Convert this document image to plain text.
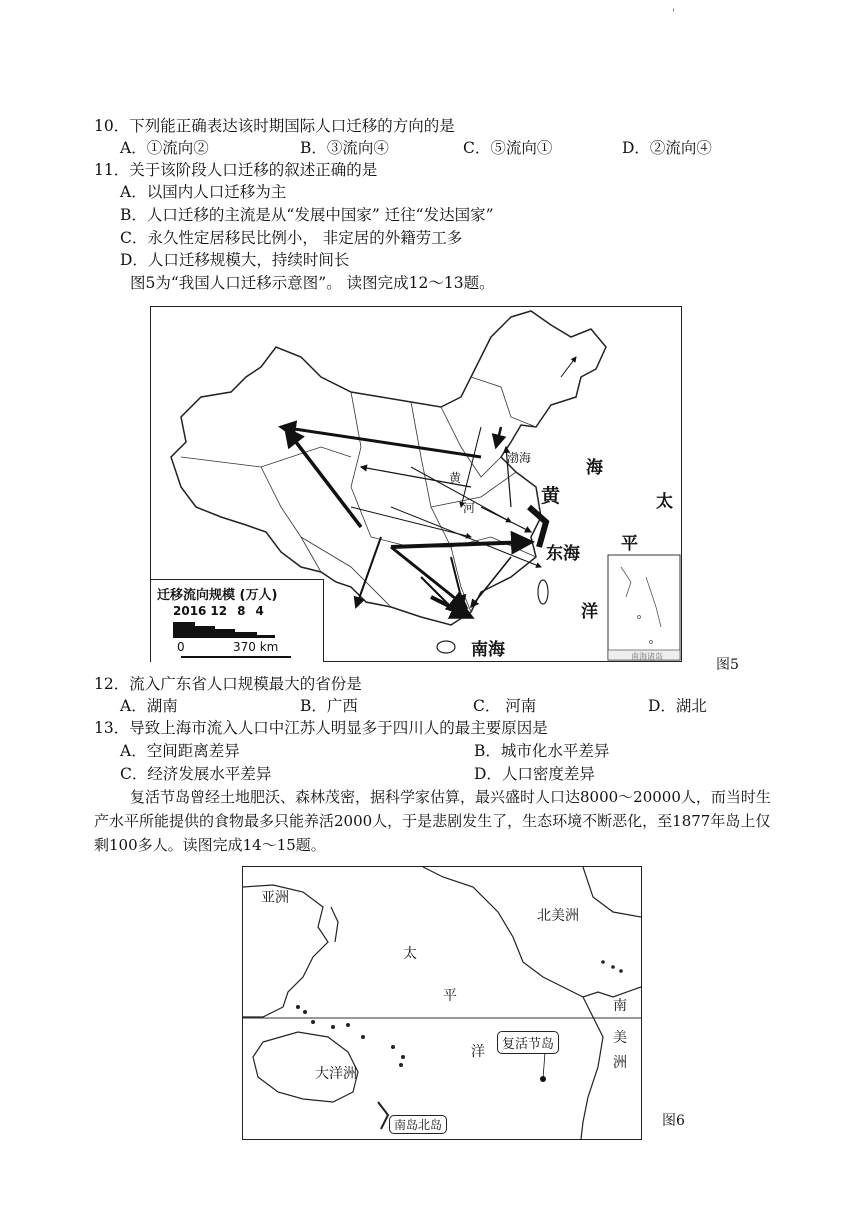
'
10．下列能正确表达该时期国际人口迁移的方向的是
A．①流向②	B．③流向④	C．⑤流向①	D．②流向④
11．关于该阶段人口迁移的叙述正确的是
A．以国内人口迁移为主
B．人口迁移的主流是从“发展中国家” 迁往“发达国家”
C．永久性定居移民比例小， 非定居的外籍劳工多
D．人口迁移规模大，持续时间长
图5为“我国人口迁移示意图”。 读图完成12～13题。
渤海
黄
河
海
黄	太
东海 平
洋
南海	南海诸岛
迁移流向规模 (万人)
2016 12 8 4
0	370 km
图5
12．流入广东省人口规模最大的省份是
A．湖南	B．广西	C． 河南	D．湖北
13．导致上海市流入人口中江苏人明显多于四川人的最主要原因是
A．空间距离差异	B．城市化水平差异
C．经济发展水平差异	D．人口密度差异
复活节岛曾经土地肥沃、森林茂密，据科学家估算，最兴盛时人口达8000～20000人，而当时生产水平所能提供的食物最多只能养活2000人，于是悲剧发生了，生态环境不断恶化，至1877年岛上仅剩100多人。读图完成14～15题。
亚洲
北美洲
太
平
洋
南
美
洲
大洋洲
复活节岛
南岛北岛	图6
